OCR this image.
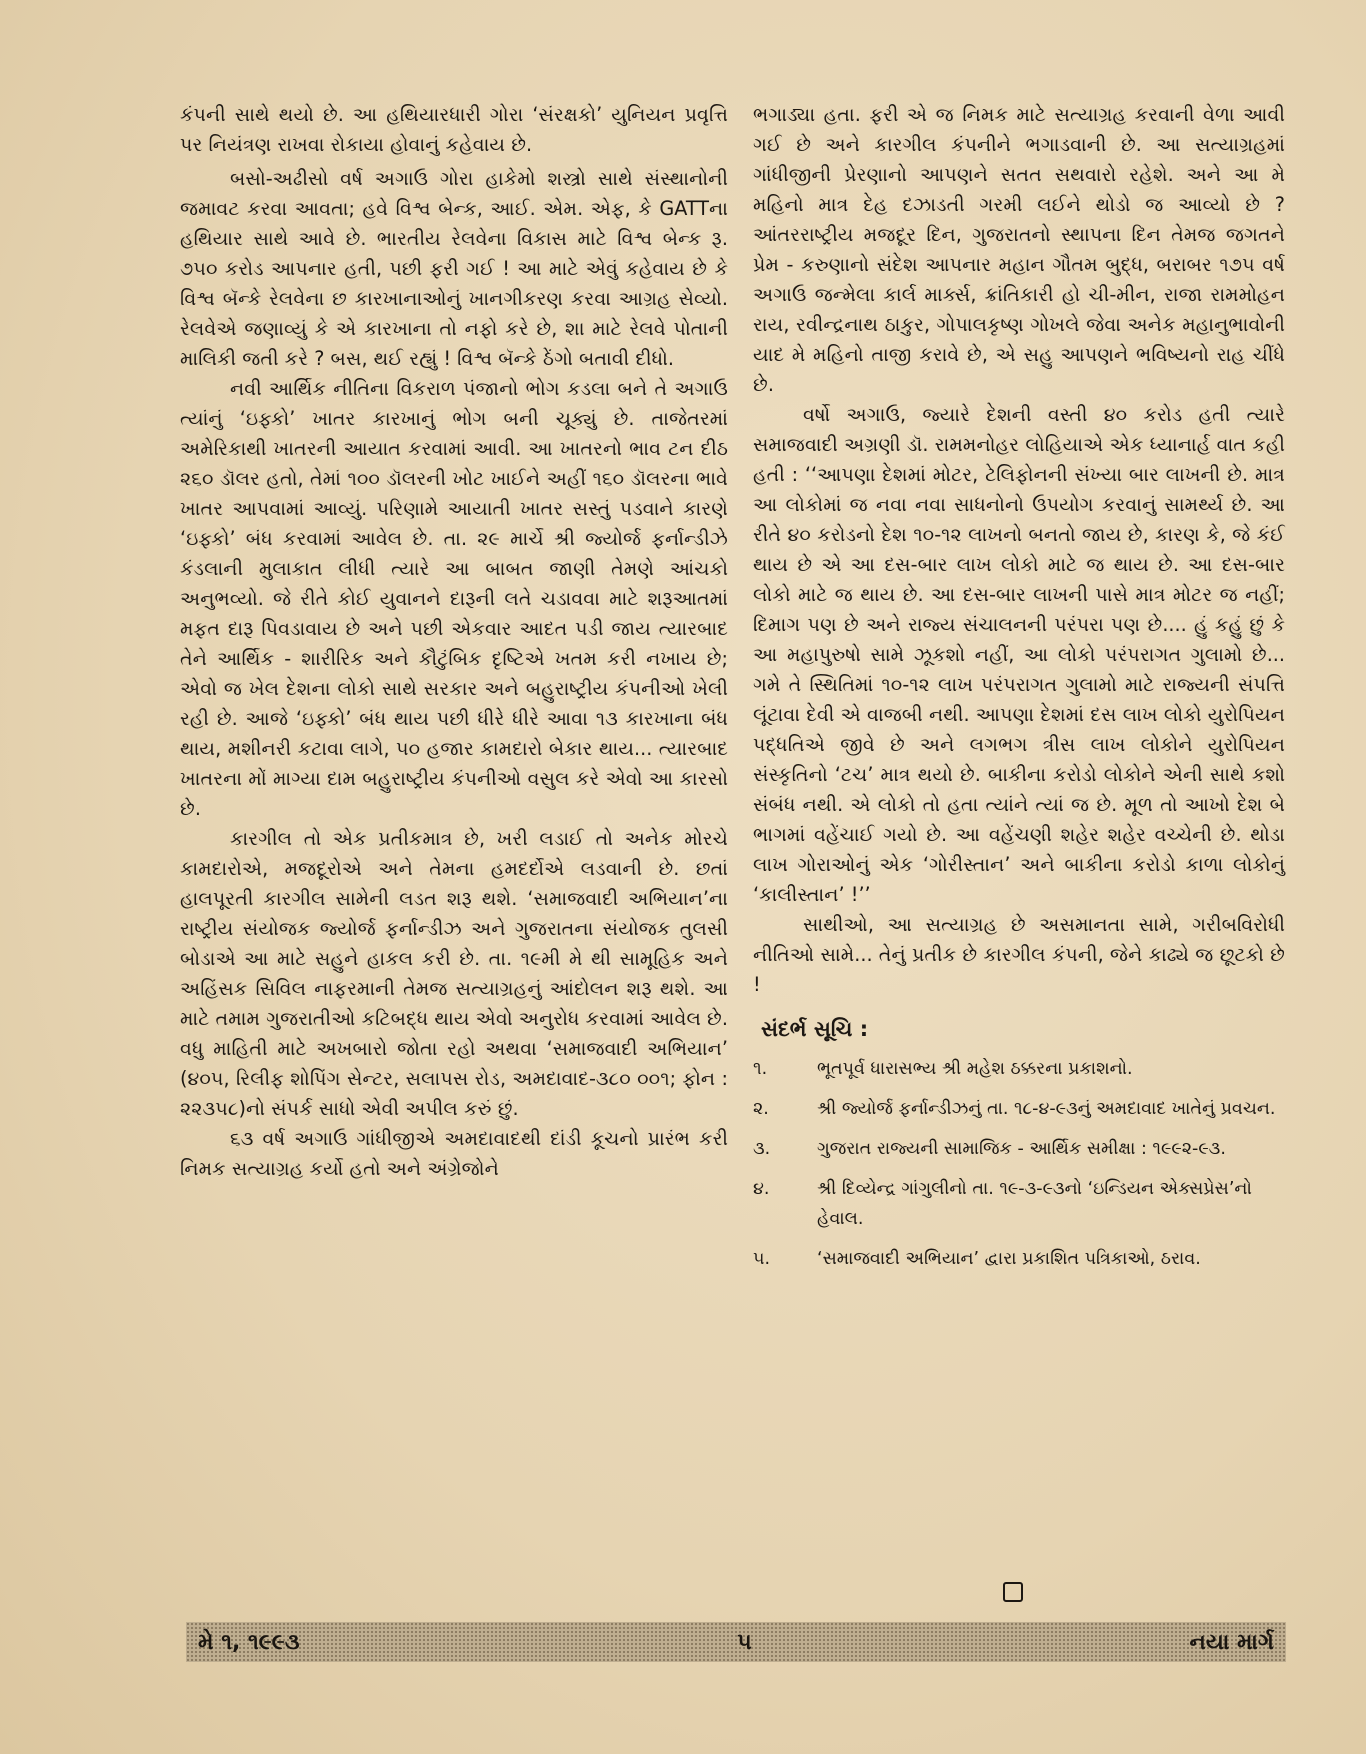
કંપની સાથે થયો છે. આ હથિયારધારી ગોરા ‘સંરક્ષકો’ યુનિયન પ્રવૃત્તિ પર નિયંત્રણ રાખવા રોકાયા હોવાનું કહેવાય છે.

બસો-અઢીસો વર્ષ અગાઉ ગોરા હાકેમો શસ્ત્રો સાથે સંસ્થાનોની જમાવટ કરવા આવતા; હવે વિશ્વ બેન્ક, આઈ. એમ. એફ, કે GATTના હથિયાર સાથે આવે છે. ભારતીય રેલવેના વિકાસ માટે વિશ્વ બેન્ક રૂ. ૭૫૦ કરોડ આપનાર હતી, પછી ફરી ગઈ ! આ માટે એવું કહેવાય છે કે વિશ્વ બૅન્કે રેલવેના છ કારખાનાઓનું ખાનગીકરણ કરવા આગ્રહ સેવ્યો. રેલવેએ જણાવ્યું કે એ કારખાના તો નફો કરે છે, શા માટે રેલવે પોતાની માલિકી જતી કરે ? બસ, થઈ રહ્યું ! વિશ્વ બૅન્કે ઠેંગો બતાવી દીધો.

નવી આર્થિક નીતિના વિકરાળ પંજાનો ભોગ કડલા બને તે અગાઉ ત્યાંનું ‘ઇફ્કો’ ખાતર કારખાનું ભોગ બની ચૂક્યું છે. તાજેતરમાં અમેરિકાથી ખાતરની આયાત કરવામાં આવી. આ ખાતરનો ભાવ ટન દીઠ ૨૬૦ ડૉલર હતો, તેમાં ૧૦૦ ડૉલરની ખોટ ખાઈને અહીં ૧૬૦ ડૉલરના ભાવે ખાતર આપવામાં આવ્યું. પરિણામે આયાતી ખાતર સસ્તું પડવાને કારણે ‘ઇફ્કો’ બંધ કરવામાં આવેલ છે. તા. ૨૯ માર્ચે શ્રી જ્યોર્જ ફર્નાન્ડીઝે કંડલાની મુલાકાત લીધી ત્યારે આ બાબત જાણી તેમણે આંચકો અનુભવ્યો. જે રીતે કોઈ યુવાનને દારૂની લતે ચડાવવા માટે શરૂઆતમાં મફત દારૂ પિવડાવાય છે અને પછી એકવાર આદત પડી જાય ત્યારબાદ તેને આર્થિક - શારીરિક અને કૌટુંબિક દૃષ્ટિએ ખતમ કરી નખાય છે; એવો જ ખેલ દેશના લોકો સાથે સરકાર અને બહુરાષ્ટ્રીય કંપનીઓ ખેલી રહી છે. આજે ‘ઇફ્કો’ બંધ થાય પછી ધીરે ધીરે આવા ૧૩ કારખાના બંધ થાય, મશીનરી કટાવા લાગે, ૫૦ હજાર કામદારો બેકાર થાય... ત્યારબાદ ખાતરના મોં માગ્યા દામ બહુરાષ્ટ્રીય કંપનીઓ વસુલ કરે એવો આ કારસો છે.

કારગીલ તો એક પ્રતીકમાત્ર છે, ખરી લડાઈ તો અનેક મોરચે કામદારોએ, મજદૂરોએ અને તેમના હમદર્દોએ લડવાની છે. છતાં હાલપૂરતી કારગીલ સામેની લડત શરૂ થશે. ‘સમાજવાદી અભિયાન’ના રાષ્ટ્રીય સંયોજક જ્યોર્જ ફર્નાન્ડીઝ અને ગુજરાતના સંયોજક તુલસી બોડાએ આ માટે સહુને હાકલ કરી છે. તા. ૧૯મી મે થી સામૂહિક અને અહિંસક સિવિલ નાફરમાની તેમજ સત્યાગ્રહનું આંદોલન શરૂ થશે. આ માટે તમામ ગુજરાતીઓ કટિબદ્ધ થાય એવો અનુરોધ કરવામાં આવેલ છે. વધુ માહિતી માટે અખબારો જોતા રહો અથવા ‘સમાજવાદી અભિયાન’ (૪૦૫, રિલીફ શોપિંગ સેન્ટર, સલાપસ રોડ, અમદાવાદ-૩૮૦ ૦૦૧; ફોન : ૨૨૩૫૮)નો સંપર્ક સાધો એવી અપીલ કરું છું.

૬૩ વર્ષ અગાઉ ગાંધીજીએ અમદાવાદથી દાંડી કૂચનો પ્રારંભ કરી નિમક સત્યાગ્રહ કર્યો હતો અને અંગ્રેજોને

ભગાડ્યા હતા. ફરી એ જ નિમક માટે સત્યાગ્રહ કરવાની વેળા આવી ગઈ છે અને કારગીલ કંપનીને ભગાડવાની છે. આ સત્યાગ્રહમાં ગાંધીજીની પ્રેરણાનો આપણને સતત સથવારો રહેશે. અને આ મે મહિનો માત્ર દેહ દઝાડતી ગરમી લઈને થોડો જ આવ્યો છે ? આંતરરાષ્ટ્રીય મજદૂર દિન, ગુજરાતનો સ્થાપના દિન તેમજ જગતને પ્રેમ - કરુણાનો સંદેશ આપનાર મહાન ગૌતમ બુદ્ધ, બરાબર ૧૭૫ વર્ષ અગાઉ જન્મેલા કાર્લ માર્ક્સ, ક્રાંતિકારી હો ચી-મીન, રાજા રામમોહન રાય, રવીન્દ્રનાથ ઠાકુર, ગોપાલકૃષ્ણ ગોખલે જેવા અનેક મહાનુભાવોની યાદ મે મહિનો તાજી કરાવે છે, એ સહુ આપણને ભવિષ્યનો રાહ ચીંધે છે.

વર્ષો અગાઉ, જ્યારે દેશની વસ્તી ૪૦ કરોડ હતી ત્યારે સમાજવાદી અગ્રણી ડૉ. રામમનોહર લોહિયાએ એક ધ્યાનાર્હ વાત કહી હતી : ‘‘આપણા દેશમાં મોટર, ટેલિફોનની સંખ્યા બાર લાખની છે. માત્ર આ લોકોમાં જ નવા નવા સાધનોનો ઉપયોગ કરવાનું સામર્થ્ય છે. આ રીતે ૪૦ કરોડનો દેશ ૧૦-૧૨ લાખનો બનતો જાય છે, કારણ કે, જે કંઈ થાય છે એ આ દસ-બાર લાખ લોકો માટે જ થાય છે. આ દસ-બાર લોકો માટે જ થાય છે. આ દસ-બાર લાખની પાસે માત્ર મોટર જ નહીં; દિમાગ પણ છે અને રાજ્ય સંચાલનની પરંપરા પણ છે.... હું કહું છું કે આ મહાપુરુષો સામે ઝૂકશો નહીં, આ લોકો પરંપરાગત ગુલામો છે... ગમે તે સ્થિતિમાં ૧૦-૧૨ લાખ પરંપરાગત ગુલામો માટે રાજ્યની સંપત્તિ લૂંટાવા દેવી એ વાજબી નથી. આપણા દેશમાં દસ લાખ લોકો યુરોપિયન પદ્ધતિએ જીવે છે અને લગભગ ત્રીસ લાખ લોકોને યુરોપિયન સંસ્કૃતિનો ‘ટચ’ માત્ર થયો છે. બાકીના કરોડો લોકોને એની સાથે કશો સંબંધ નથી. એ લોકો તો હતા ત્યાંને ત્યાં જ છે. મૂળ તો આખો દેશ બે ભાગમાં વહેંચાઈ ગયો છે. આ વહેંચણી શહેર શહેર વચ્ચેની છે. થોડા લાખ ગોરાઓનું એક ‘ગોરીસ્તાન’ અને બાકીના કરોડો કાળા લોકોનું ‘કાલીસ્તાન’ !’’

સાથીઓ, આ સત્યાગ્રહ છે અસમાનતા સામે, ગરીબવિરોધી નીતિઓ સામે... તેનું પ્રતીક છે કારગીલ કંપની, જેને કાઢ્યે જ છૂટકો છે !

સંદર્ભ સૂચિ :
૧.	ભૂતપૂર્વ ધારાસભ્ય શ્રી મહેશ ઠક્કરના પ્રકાશનો.
૨.	શ્રી જ્યોર્જ ફર્નાન્ડીઝનું તા. ૧૮-૪-૯૩નું અમદાવાદ ખાતેનું પ્રવચન.
૩.	ગુજરાત રાજ્યની સામાજિક - આર્થિક સમીક્ષા : ૧૯૯૨-૯૩.
૪.	શ્રી દિવ્યેન્દ્ર ગાંગુલીનો તા. ૧૯-૩-૯૩નો ‘ઇન્ડિયન એક્સપ્રેસ’નો હેવાલ.
૫.	‘સમાજવાદી અભિયાન’ દ્વારા પ્રકાશિત પત્રિકાઓ, ઠરાવ.
મે ૧, ૧૯૯૩	૫	નયા માર્ગ
